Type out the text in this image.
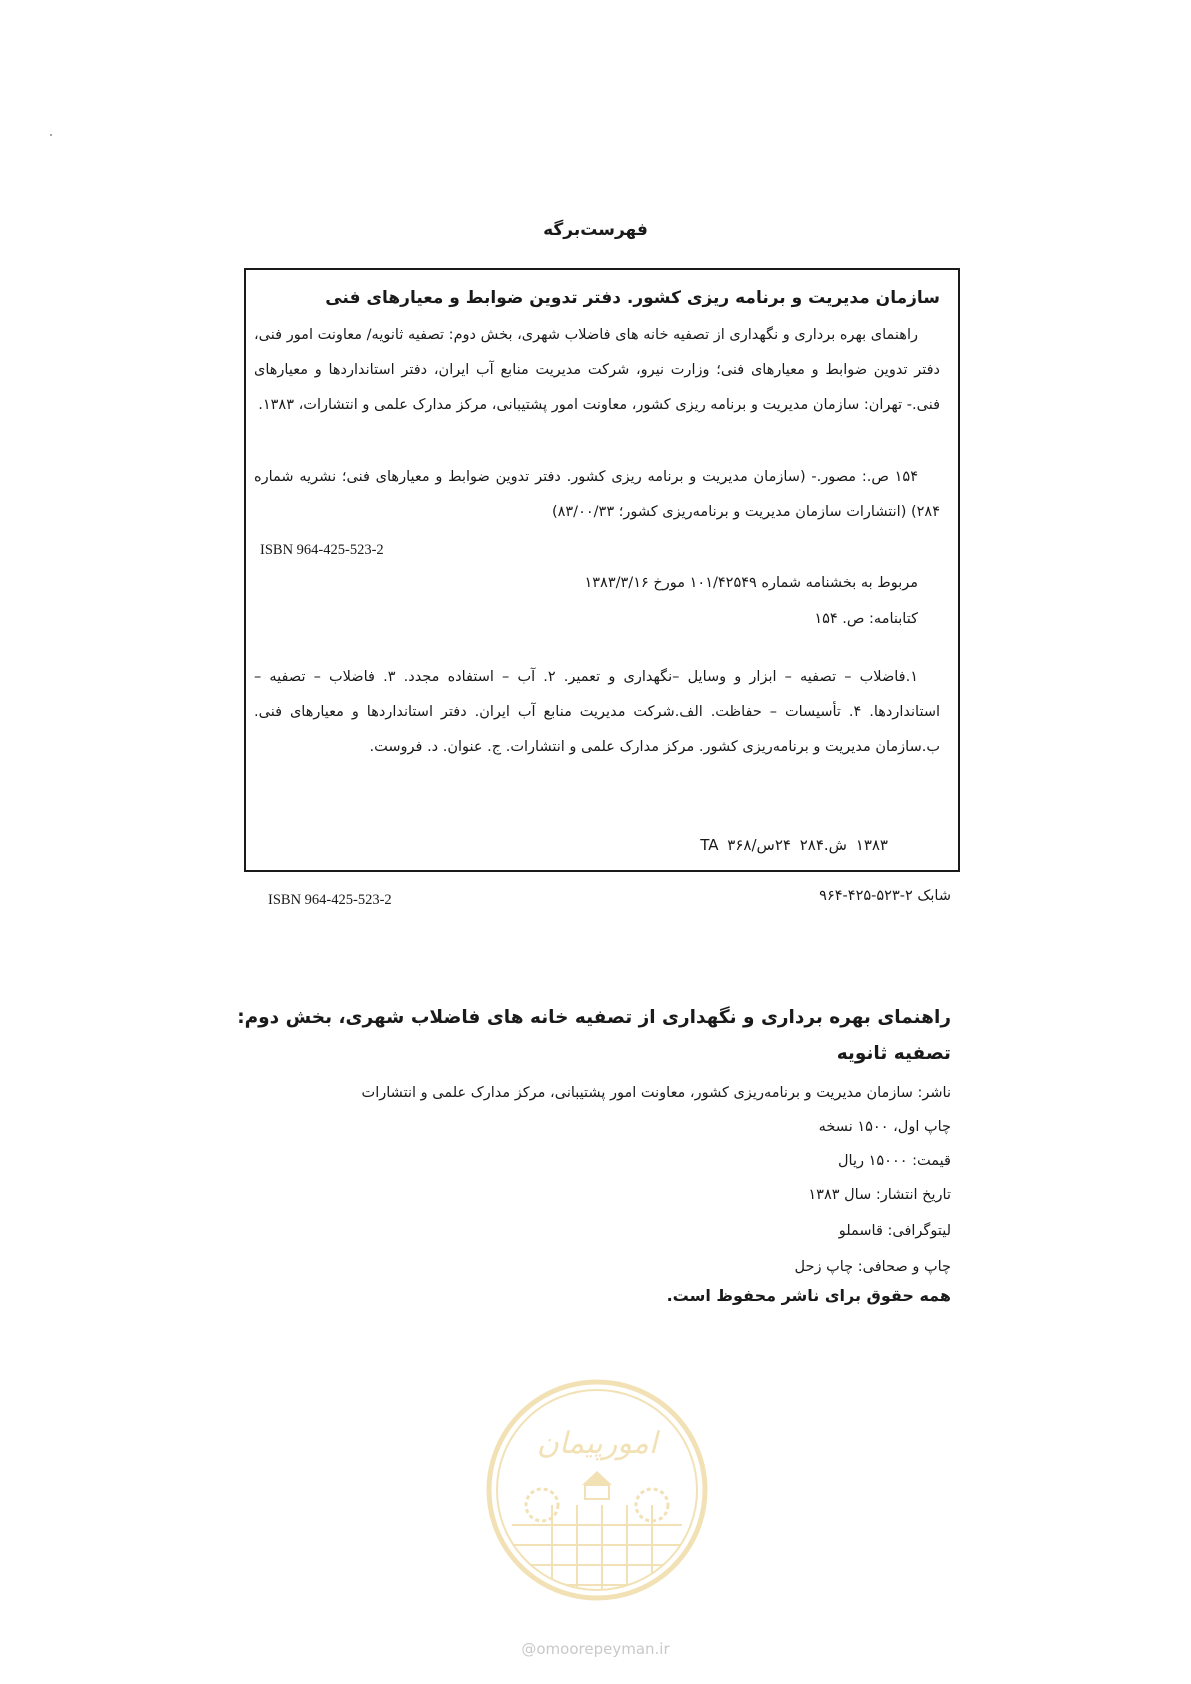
فهرست‌برگه
سازمان مدیریت و برنامه ریزی کشور. دفتر تدوین ضوابط و معیارهای فنی
راهنمای بهره برداری و نگهداری از تصفیه خانه های فاضلاب شهری، بخش دوم: تصفیه ثانویه/ معاونت امور فنی، دفتر تدوین ضوابط و معیارهای فنی؛ وزارت نیرو، شرکت مدیریت منابع آب ایران، دفتر استانداردها و معیارهای فنی.- تهران: سازمان مدیریت و برنامه ریزی کشور، معاونت امور پشتیبانی، مرکز مدارک علمی و انتشارات، ۱۳۸۳.
۱۵۴ ص.: مصور.- (سازمان مدیریت و برنامه ریزی کشور. دفتر تدوین ضوابط و معیارهای فنی؛ نشریه شماره ۲۸۴) (انتشارات سازمان مدیریت و برنامه‌ریزی کشور؛ ۸۳/۰۰/۳۳)
ISBN 964-425-523-2
مربوط به بخشنامه شماره ۱۰۱/۴۲۵۴۹ مورخ ۱۳۸۳/۳/۱۶
کتابنامه: ص. ۱۵۴
۱.فاضلاب – تصفیه – ابزار و وسایل –نگهداری و تعمیر. ۲. آب – استفاده مجدد. ۳. فاضلاب – تصفیه – استانداردها. ۴. تأسیسات – حفاظت. الف.شرکت مدیریت منابع آب ایران. دفتر استانداردها و معیارهای فنی. ب.سازمان مدیریت و برنامه‌ریزی کشور. مرکز مدارک علمی و انتشارات. ج. عنوان. د. فروست.
۱۳۸۳ ش.۲۸۴ ۲۴س/۳۶۸ TA
ISBN 964-425-523-2	شابک ۲-۵۲۳-۴۲۵-۹۶۴
راهنمای بهره برداری و نگهداری از تصفیه خانه های فاضلاب شهری، بخش دوم: تصفیه ثانویه
ناشر: سازمان مدیریت و برنامه‌ریزی کشور، معاونت امور پشتیبانی، مرکز مدارک علمی و انتشارات
چاپ اول، ۱۵۰۰ نسخه
قیمت: ۱۵۰۰۰ ریال
تاریخ انتشار: سال ۱۳۸۳
لیتوگرافی: قاسملو
چاپ و صحافی: چاپ زحل
همه حقوق برای ناشر محفوظ است.
امورپیمان
@omoorepeyman.ir
